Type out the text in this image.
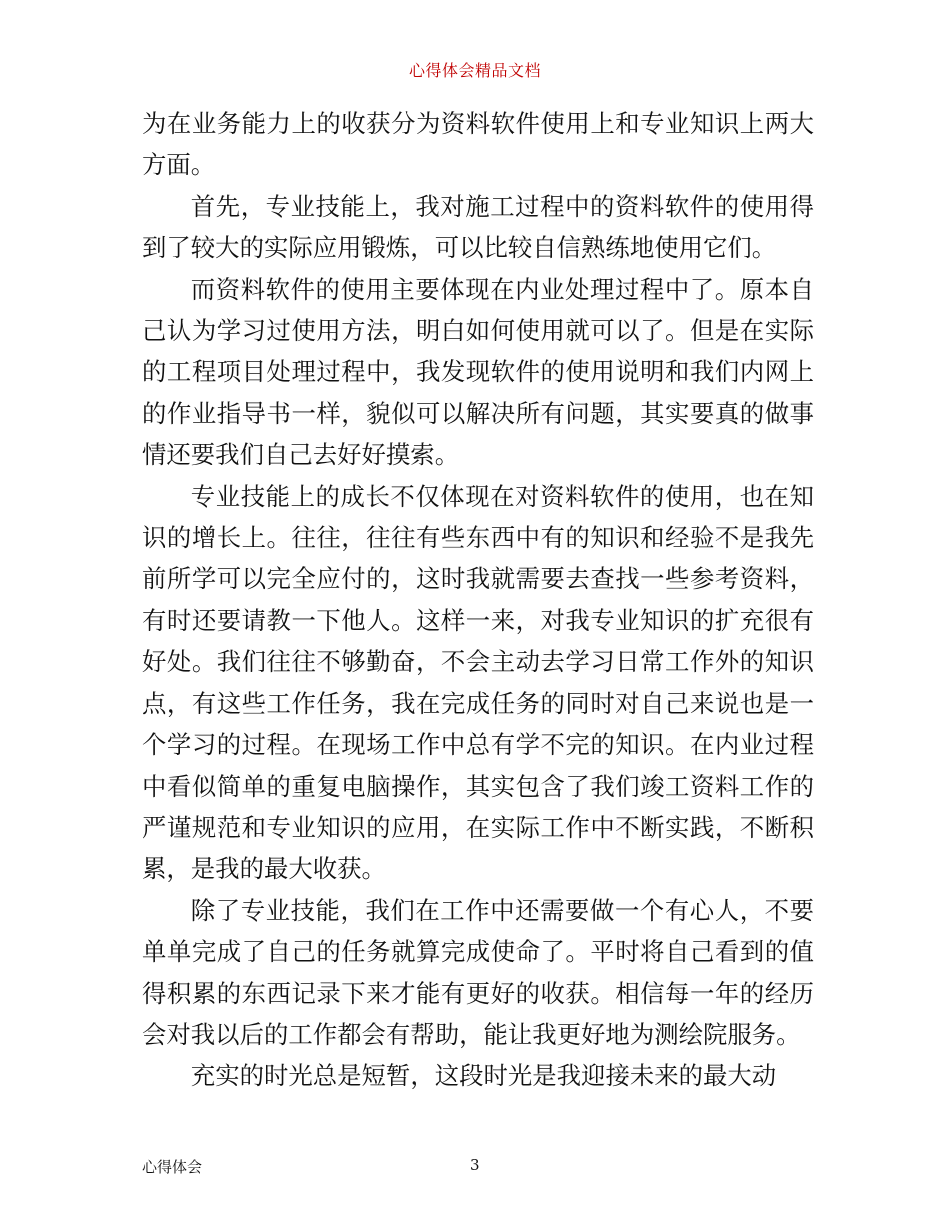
心得体会精品文档

为在业务能力上的收获分为资料软件使用上和专业知识上两大方面。

首先，专业技能上，我对施工过程中的资料软件的使用得到了较大的实际应用锻炼，可以比较自信熟练地使用它们。

而资料软件的使用主要体现在内业处理过程中了。原本自己认为学习过使用方法，明白如何使用就可以了。但是在实际的工程项目处理过程中，我发现软件的使用说明和我们内网上的作业指导书一样，貌似可以解决所有问题，其实要真的做事情还要我们自己去好好摸索。

专业技能上的成长不仅体现在对资料软件的使用，也在知识的增长上。往往，往往有些东西中有的知识和经验不是我先前所学可以完全应付的，这时我就需要去查找一些参考资料，有时还要请教一下他人。这样一来，对我专业知识的扩充很有好处。我们往往不够勤奋，不会主动去学习日常工作外的知识点，有这些工作任务，我在完成任务的同时对自己来说也是一个学习的过程。在现场工作中总有学不完的知识。在内业过程中看似简单的重复电脑操作，其实包含了我们竣工资料工作的严谨规范和专业知识的应用，在实际工作中不断实践，不断积累，是我的最大收获。

除了专业技能，我们在工作中还需要做一个有心人，不要单单完成了自己的任务就算完成使命了。平时将自己看到的值得积累的东西记录下来才能有更好的收获。相信每一年的经历会对我以后的工作都会有帮助，能让我更好地为测绘院服务。

充实的时光总是短暂，这段时光是我迎接未来的最大动

心得体会	3
